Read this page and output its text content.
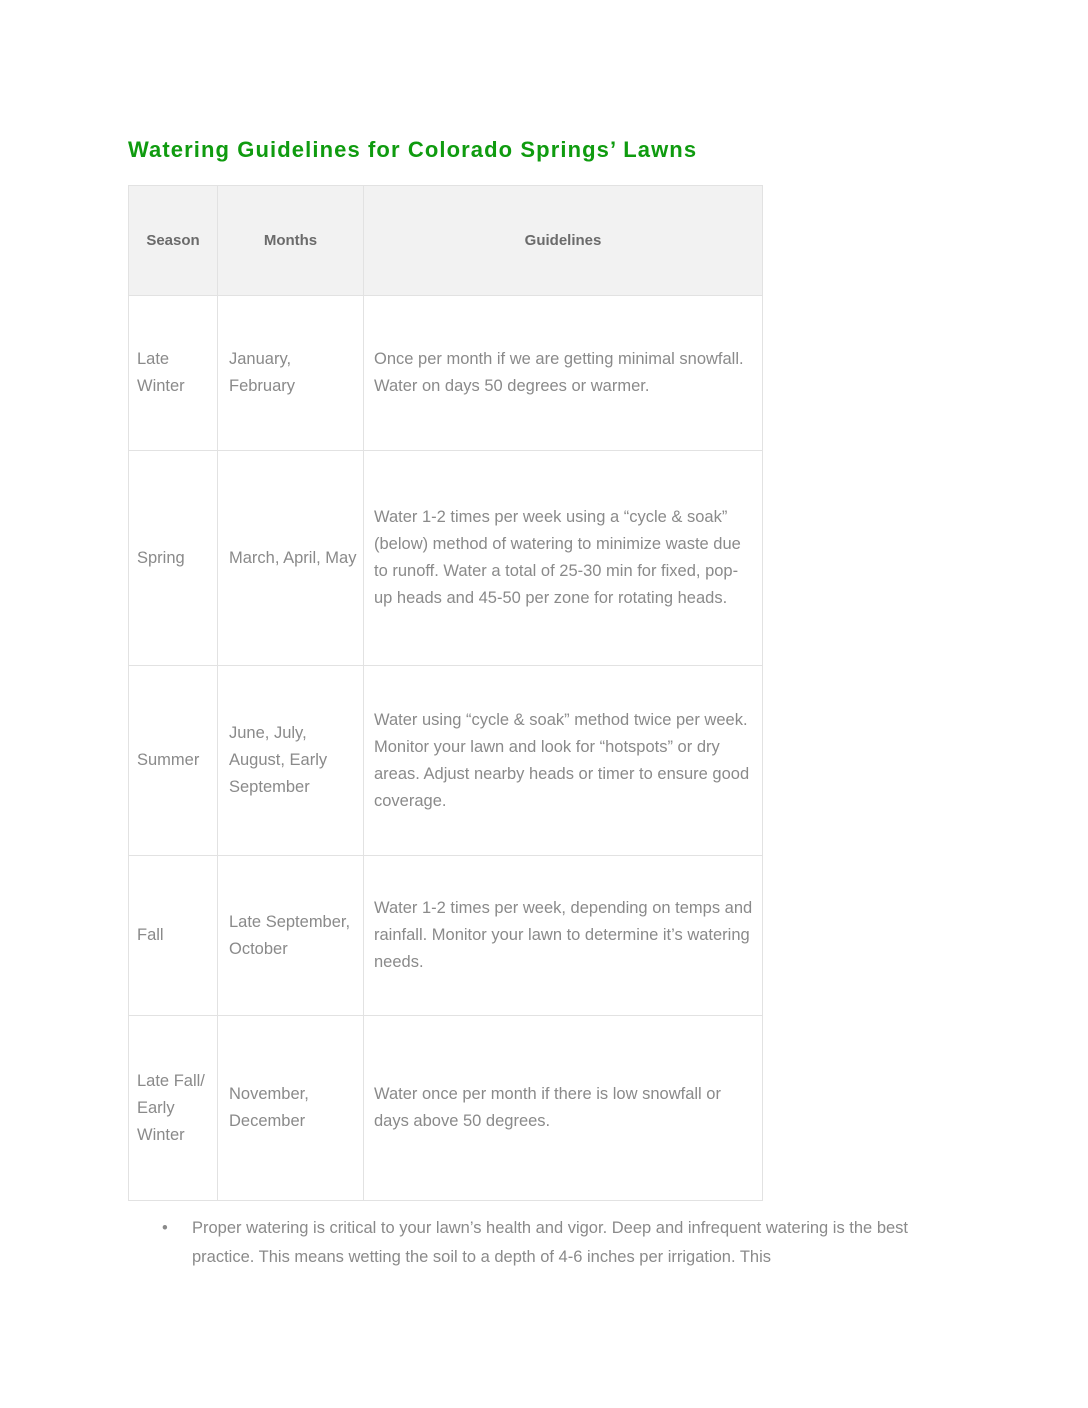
Watering Guidelines for Colorado Springs’ Lawns
Season	Months	Guidelines
Late Winter	January, February	Once per month if we are getting minimal snowfall. Water on days 50 degrees or warmer.
Spring	March, April, May	Water 1-2 times per week using a “cycle & soak” (below) method of watering to minimize waste due to runoff. Water a total of 25-30 min for fixed, pop-up heads and 45-50 per zone for rotating heads.
Summer	June, July, August, Early September	Water using “cycle & soak” method twice per week. Monitor your lawn and look for “hotspots” or dry areas. Adjust nearby heads or timer to ensure good coverage.
Fall	Late September, October	Water 1-2 times per week, depending on temps and rainfall. Monitor your lawn to determine it’s watering needs.
Late Fall/ Early Winter	November, December	Water once per month if there is low snowfall or days above 50 degrees.
• Proper watering is critical to your lawn’s health and vigor. Deep and infrequent watering is the best practice. This means wetting the soil to a depth of 4-6 inches per irrigation. This
